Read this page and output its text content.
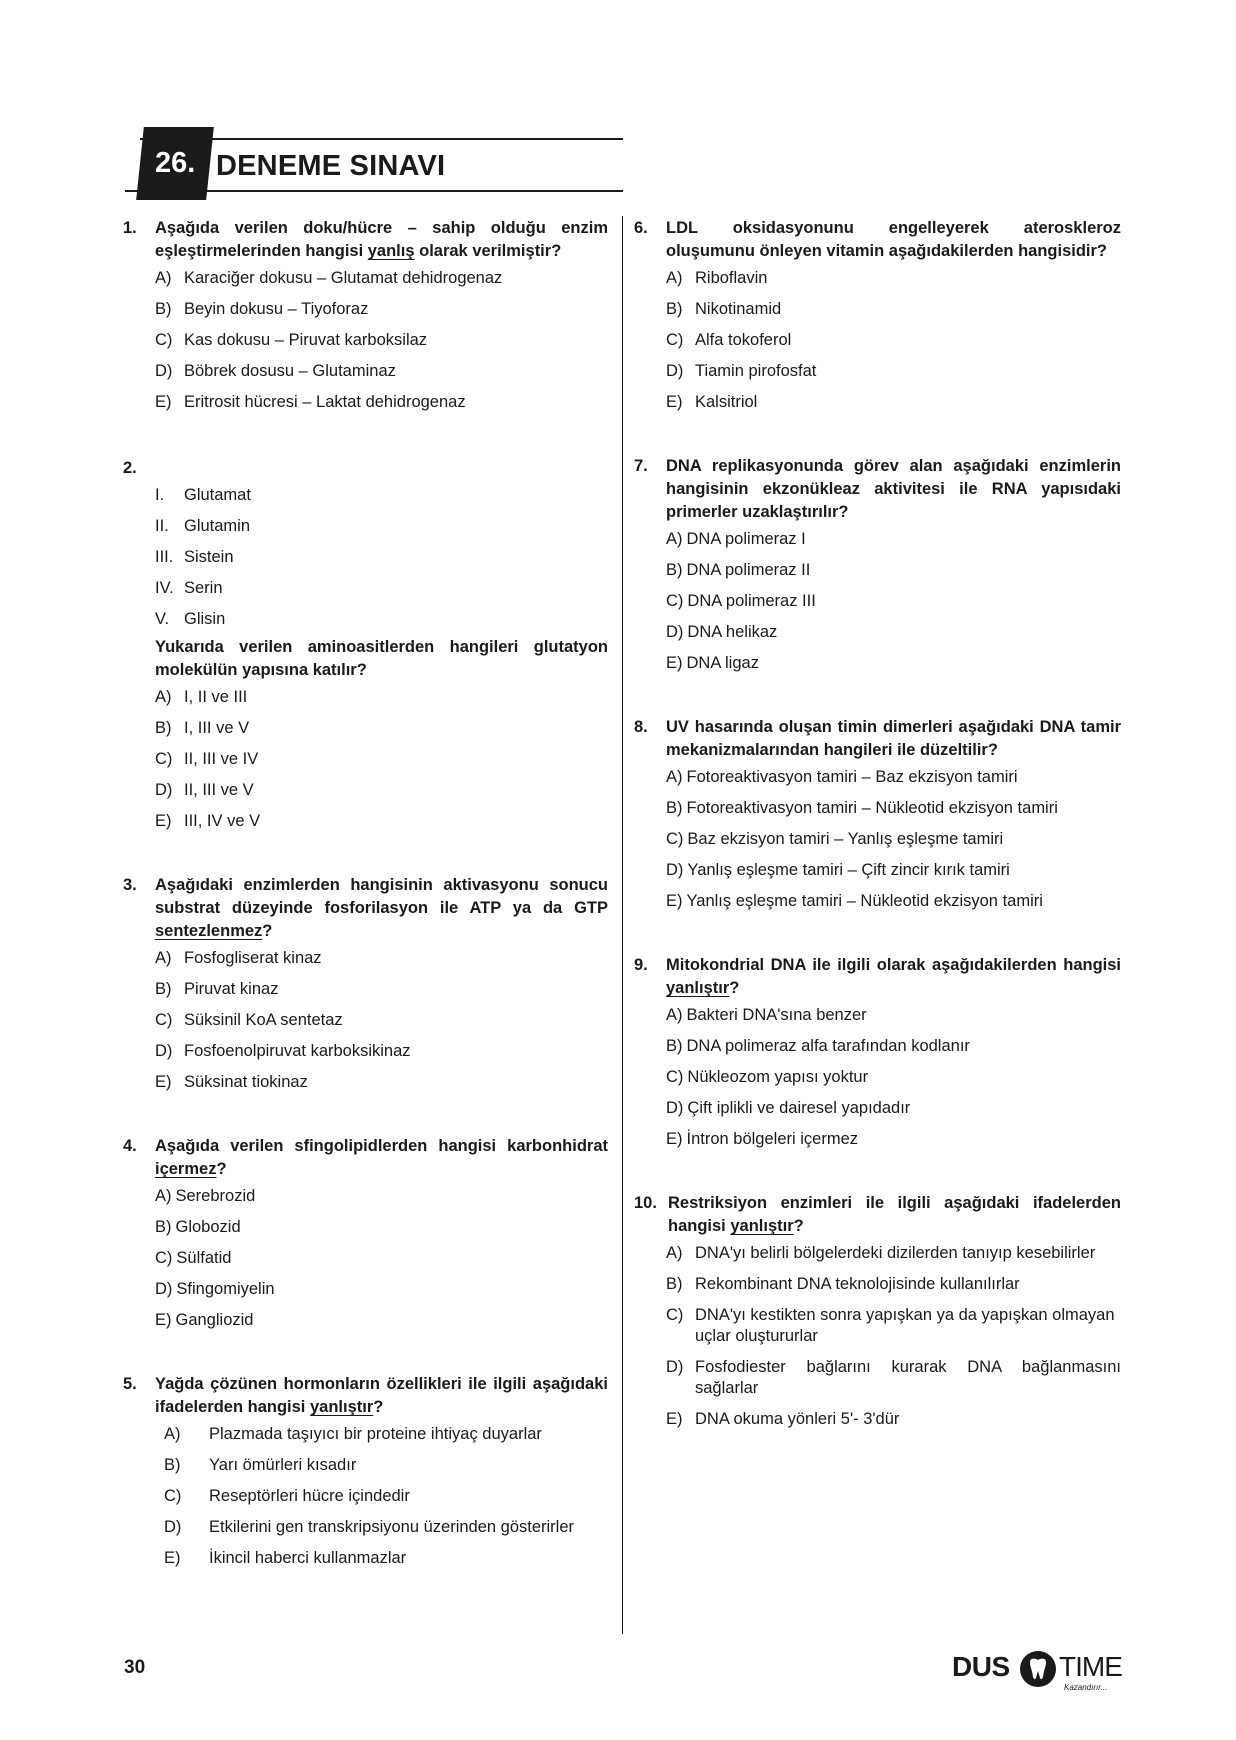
26. DENEME SINAVI
1.	Aşağıda verilen doku/hücre – sahip olduğu enzim eşleştirmelerinden hangisi yanlış olarak verilmiştir?
A) Karaciğer dokusu – Glutamat dehidrogenaz
B) Beyin dokusu – Tiyoforaz
C) Kas dokusu – Piruvat karboksilaz
D) Böbrek dosusu – Glutaminaz
E) Eritrosit hücresi – Laktat dehidrogenaz
2.
I.	Glutamat
II. Glutamin
III. Sistein
IV. Serin
V. Glisin
Yukarıda verilen aminoasitlerden hangileri glutatyon molekülün yapısına katılır?
A) I, II ve III
B) I, III ve V
C) II, III ve IV
D) II, III ve V
E) III, IV ve V
3.	Aşağıdaki enzimlerden hangisinin aktivasyonu sonucu substrat düzeyinde fosforilasyon ile ATP ya da GTP sentezlenmez?
A) Fosfogliserat kinaz
B) Piruvat kinaz
C) Süksinil KoA sentetaz
D) Fosfoenolpiruvat karboksikinaz
E) Süksinat tiokinaz
4.	Aşağıda verilen sfingolipidlerden hangisi karbonhidrat içermez?
A) Serebrozid
B) Globozid
C) Sülfatid
D) Sfingomiyelin
E) Gangliozid
5.	Yağda çözünen hormonların özellikleri ile ilgili aşağıdaki ifadelerden hangisi yanlıştır?
A)	Plazmada taşıyıcı bir proteine ihtiyaç duyarlar
B)	Yarı ömürleri kısadır
C)	Reseptörleri hücre içindedir
D)	Etkilerini gen transkripsiyonu üzerinden gösterirler
E)	İkincil haberci kullanmazlar
6.	LDL oksidasyonunu engelleyerek ateroskleroz oluşumunu önleyen vitamin aşağıdakilerden hangisidir?
A) Riboflavin
B) Nikotinamid
C) Alfa tokoferol
D) Tiamin pirofosfat
E) Kalsitriol
7.	DNA replikasyonunda görev alan aşağıdaki enzimlerin hangisinin ekzonükleaz aktivitesi ile RNA yapısıdaki primerler uzaklaştırılır?
A) DNA polimeraz I
B) DNA polimeraz II
C) DNA polimeraz III
D) DNA helikaz
E) DNA ligaz
8.	UV hasarında oluşan timin dimerleri aşağıdaki DNA tamir mekanizmalarından hangileri ile düzeltilir?
A) Fotoreaktivasyon tamiri – Baz ekzisyon tamiri
B) Fotoreaktivasyon tamiri – Nükleotid ekzisyon tamiri
C) Baz ekzisyon tamiri – Yanlış eşleşme tamiri
D) Yanlış eşleşme tamiri – Çift zincir kırık tamiri
E) Yanlış eşleşme tamiri – Nükleotid ekzisyon tamiri
9.	Mitokondrial DNA ile ilgili olarak aşağıdakilerden hangisi yanlıştır?
A) Bakteri DNA'sına benzer
B) DNA polimeraz alfa tarafından kodlanır
C) Nükleozom yapısı yoktur
D) Çift iplikli ve dairesel yapıdadır
E) İntron bölgeleri içermez
10. Restriksiyon enzimleri ile ilgili aşağıdaki ifadelerden hangisi yanlıştır?
A) DNA'yı belirli bölgelerdeki dizilerden tanıyıp kesebilirler
B) Rekombinant DNA teknolojisinde kullanılırlar
C) DNA'yı kestikten sonra yapışkan ya da yapışkan olmayan uçlar oluştururlar
D) Fosfodiester bağlarını kurarak DNA bağlanmasını sağlarlar
E) DNA okuma yönleri 5'- 3'dür
30	DUS TIME
Kazandırır...
